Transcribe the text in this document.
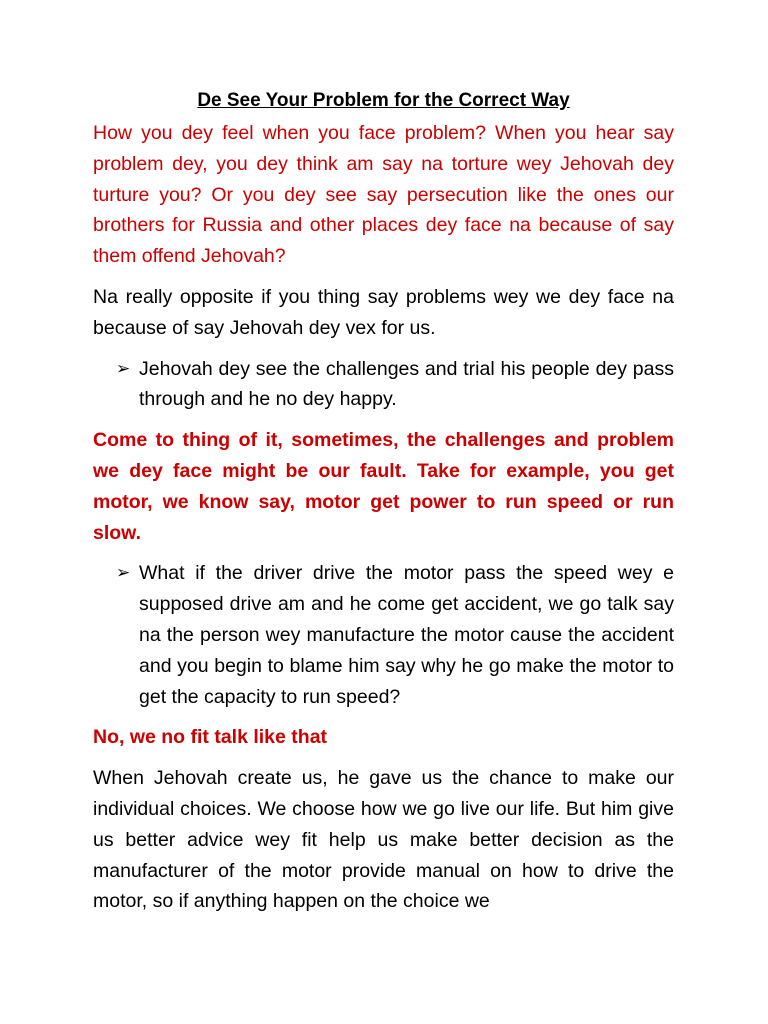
De See Your Problem for the Correct Way

How you dey feel when you face problem? When you hear say problem dey, you dey think am say na torture wey Jehovah dey turture you? Or you dey see say persecution like the ones our brothers for Russia and other places dey face na because of say them offend Jehovah?

Na really opposite if you thing say problems wey we dey face na because of say Jehovah dey vex for us.

➢ Jehovah dey see the challenges and trial his people dey pass through and he no dey happy.

Come to thing of it, sometimes, the challenges and problem we dey face might be our fault. Take for example, you get motor, we know say, motor get power to run speed or run slow.

➢ What if the driver drive the motor pass the speed wey e supposed drive am and he come get accident, we go talk say na the person wey manufacture the motor cause the accident and you begin to blame him say why he go make the motor to get the capacity to run speed?

No, we no fit talk like that

When Jehovah create us, he gave us the chance to make our individual choices. We choose how we go live our life. But him give us better advice wey fit help us make better decision as the manufacturer of the motor provide manual on how to drive the motor, so if anything happen on the choice we
